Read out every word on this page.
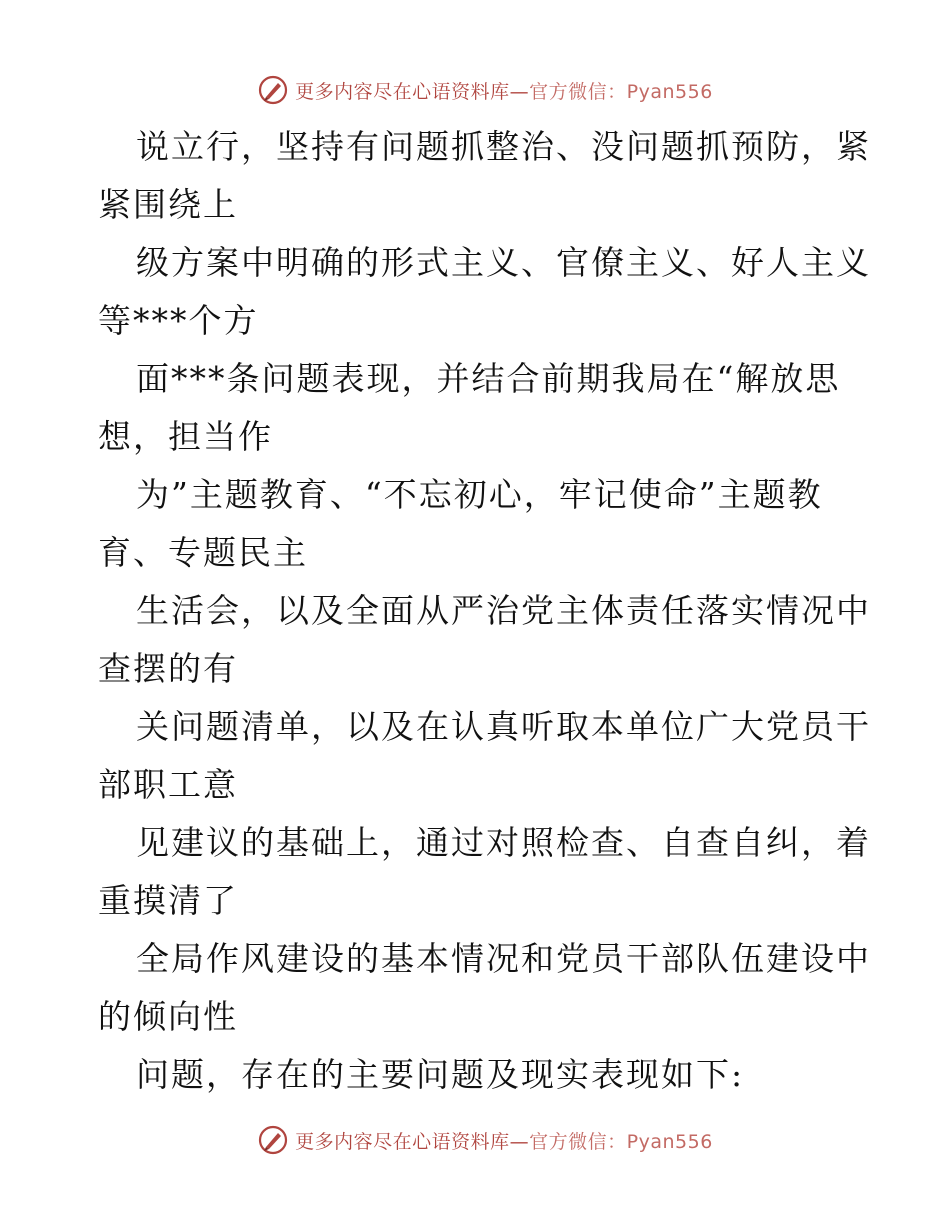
更多内容尽在心语资料库—官方微信：Pyan556
说立行，坚持有问题抓整治、没问题抓预防，紧
紧围绕上
级方案中明确的形式主义、官僚主义、好人主义
等***个方
面***条问题表现，并结合前期我局在“解放思
想，担当作
为”主题教育、“不忘初心，牢记使命”主题教
育、专题民主
生活会，以及全面从严治党主体责任落实情况中
查摆的有
关问题清单，以及在认真听取本单位广大党员干
部职工意
见建议的基础上，通过对照检查、自查自纠，着
重摸清了
全局作风建设的基本情况和党员干部队伍建设中
的倾向性
问题，存在的主要问题及现实表现如下:
更多内容尽在心语资料库—官方微信：Pyan556
